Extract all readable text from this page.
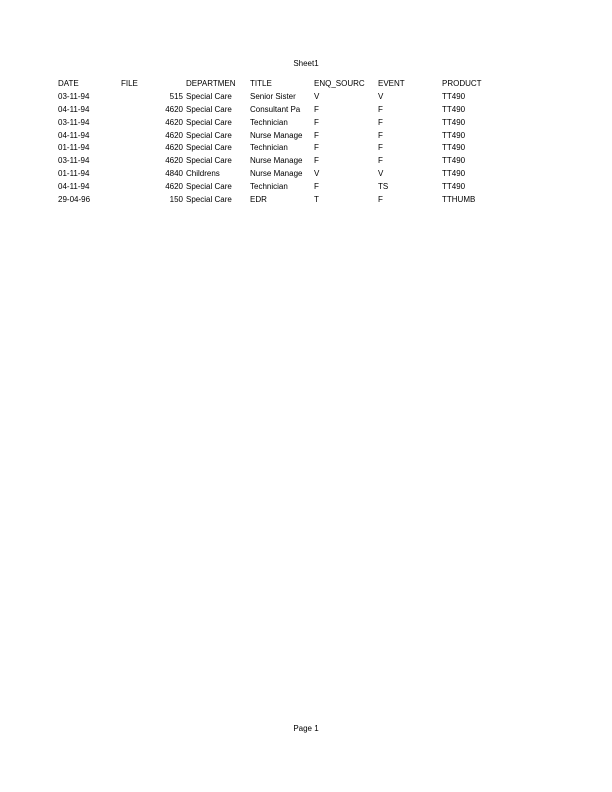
Sheet1
DATE	FILE	DEPARTMEN	TITLE	ENQ_SOURC	EVENT	PRODUCT
03-11-94	515 Special Care	Senior Sister	V	V	TT490
04-11-94	4620 Special Care	Consultant Pa	F	F	TT490
03-11-94	4620 Special Care	Technician	F	F	TT490
04-11-94	4620 Special Care	Nurse Manage	F	F	TT490
01-11-94	4620 Special Care	Technician	F	F	TT490
03-11-94	4620 Special Care	Nurse Manage	F	F	TT490
01-11-94	4840 Childrens	Nurse Manage	V	V	TT490
04-11-94	4620 Special Care	Technician	F	TS	TT490
29-04-96	150 Special Care	EDR	T	F	TTHUMB
Page 1
